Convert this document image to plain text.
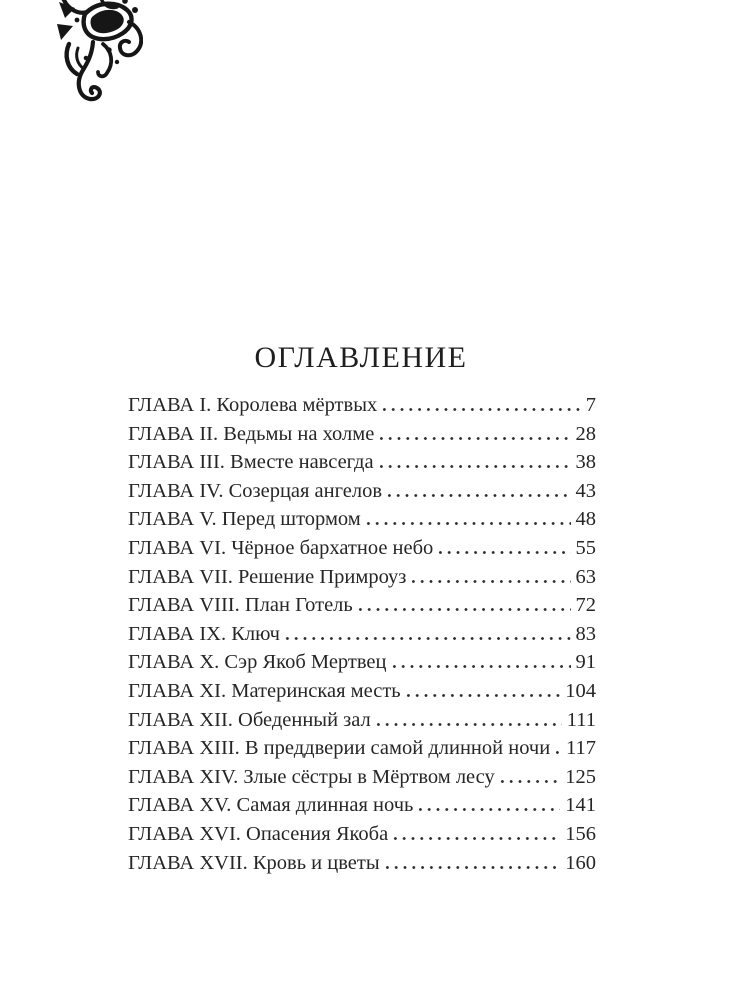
ОГЛАВЛЕНИЕ
ГЛАВА I. Королева мёртвых	7
ГЛАВА II. Ведьмы на холме	28
ГЛАВА III. Вместе навсегда	38
ГЛАВА IV. Созерцая ангелов	43
ГЛАВА V. Перед штормом	48
ГЛАВА VI. Чёрное бархатное небо	55
ГЛАВА VII. Решение Примроуз	63
ГЛАВА VIII. План Готель	72
ГЛАВА IX. Ключ	83
ГЛАВА X. Сэр Якоб Мертвец	91
ГЛАВА XI. Материнская месть	104
ГЛАВА XII. Обеденный зал	111
ГЛАВА XIII. В преддверии самой длинной ночи 117
ГЛАВА XIV. Злые сёстры в Мёртвом лесу	125
ГЛАВА XV. Самая длинная ночь	141
ГЛАВА XVI. Опасения Якоба	156
ГЛАВА XVII. Кровь и цветы	160
